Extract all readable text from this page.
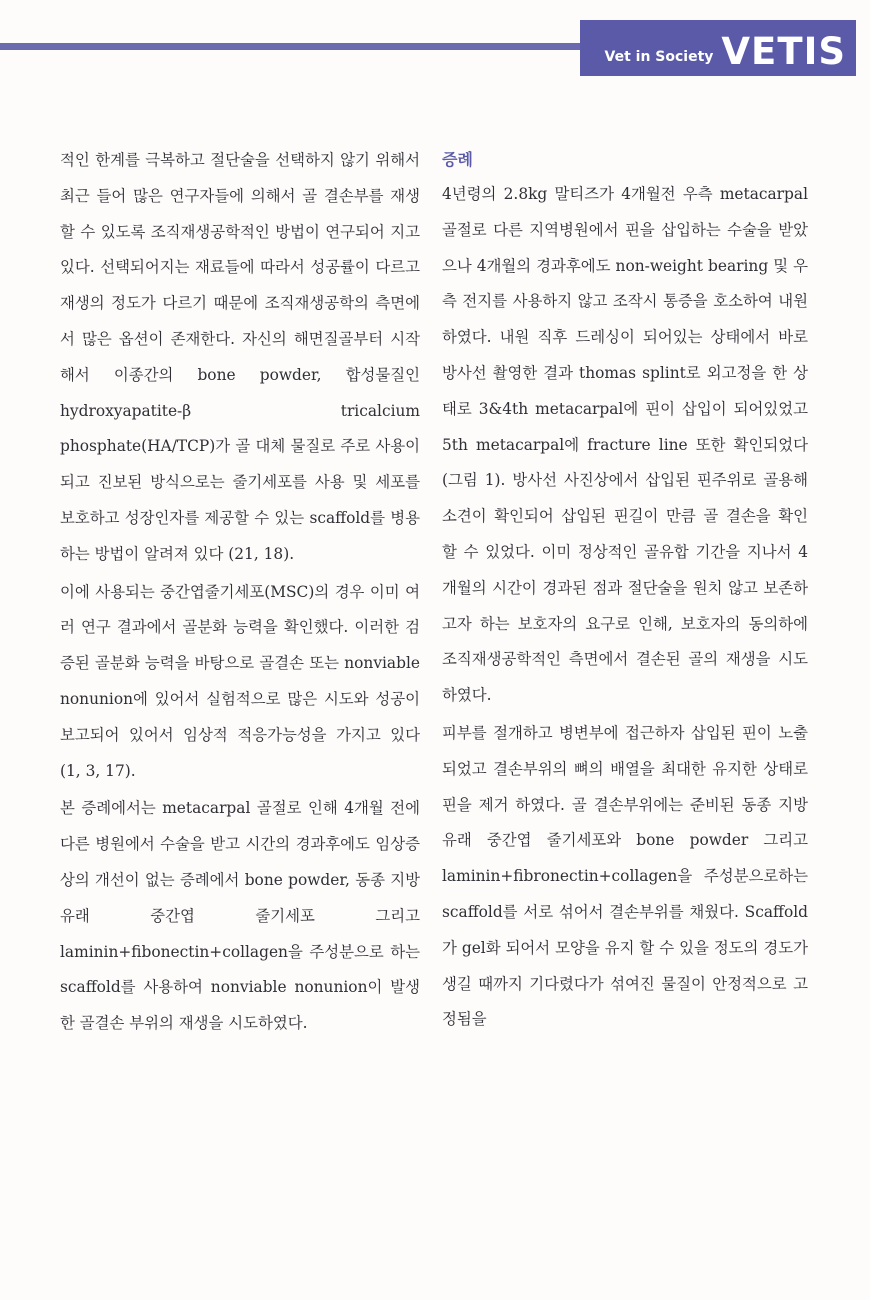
Vet in Society VETIS

적인 한계를 극복하고 절단술을 선택하지 않기 위해서 최근 들어 많은 연구자들에 의해서 골 결손부를 재생 할 수 있도록 조직재생공학적인 방법이 연구되어 지고 있다. 선택되어지는 재료들에 따라서 성공률이 다르고 재생의 정도가 다르기 때문에 조직재생공학의 측면에서 많은 옵션이 존재한다. 자신의 해면질골부터 시작해서 이종간의 bone powder, 합성물질인 hydroxyapatite-β tricalcium phosphate(HA/TCP)가 골 대체 물질로 주로 사용이 되고 진보된 방식으로는 줄기세포를 사용 및 세포를 보호하고 성장인자를 제공할 수 있는 scaffold를 병용하는 방법이 알려져 있다 (21, 18).

이에 사용되는 중간엽줄기세포(MSC)의 경우 이미 여러 연구 결과에서 골분화 능력을 확인했다. 이러한 검증된 골분화 능력을 바탕으로 골결손 또는 nonviable nonunion에 있어서 실험적으로 많은 시도와 성공이 보고되어 있어서 임상적 적응가능성을 가지고 있다 (1, 3, 17).

본 증례에서는 metacarpal 골절로 인해 4개월 전에 다른 병원에서 수술을 받고 시간의 경과후에도 임상증상의 개선이 없는 증례에서 bone powder, 동종 지방유래 중간엽 줄기세포 그리고 laminin+fibonectin+collagen을 주성분으로 하는 scaffold를 사용하여 nonviable nonunion이 발생한 골결손 부위의 재생을 시도하였다.

증례

4년령의 2.8kg 말티즈가 4개월전 우측 metacarpal 골절로 다른 지역병원에서 핀을 삽입하는 수술을 받았으나 4개월의 경과후에도 non-weight bearing 및 우측 전지를 사용하지 않고 조작시 통증을 호소하여 내원하였다. 내원 직후 드레싱이 되어있는 상태에서 바로 방사선 촬영한 결과 thomas splint로 외고정을 한 상태로 3&4th metacarpal에 핀이 삽입이 되어있었고 5th metacarpal에 fracture line 또한 확인되었다(그림 1). 방사선 사진상에서 삽입된 핀주위로 골용해 소견이 확인되어 삽입된 핀길이 만큼 골 결손을 확인 할 수 있었다. 이미 정상적인 골유합 기간을 지나서 4개월의 시간이 경과된 점과 절단술을 원치 않고 보존하고자 하는 보호자의 요구로 인해, 보호자의 동의하에 조직재생공학적인 측면에서 결손된 골의 재생을 시도 하였다.

피부를 절개하고 병변부에 접근하자 삽입된 핀이 노출되었고 결손부위의 뼈의 배열을 최대한 유지한 상태로 핀을 제거 하였다. 골 결손부위에는 준비된 동종 지방유래 중간엽 줄기세포와 bone powder 그리고 laminin+fibronectin+collagen을 주성분으로하는 scaffold를 서로 섞어서 결손부위를 채웠다. Scaffold가 gel화 되어서 모양을 유지 할 수 있을 정도의 경도가 생길 때까지 기다렸다가 섞여진 물질이 안정적으로 고정됨을
